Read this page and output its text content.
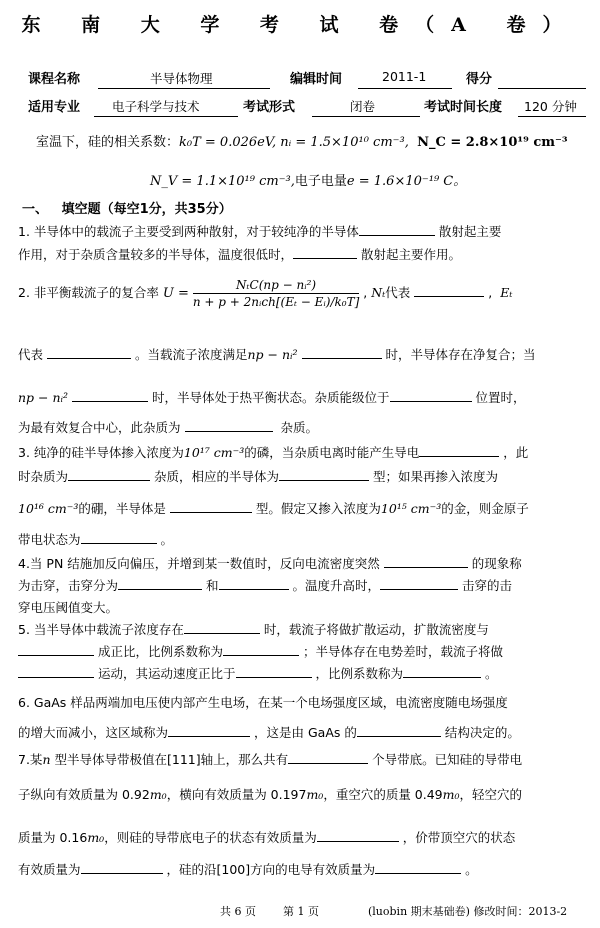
东 南 大 学 考 试 卷（A 卷）
课程名称	半导体物理	编辑时间	2011-1	得分
适用专业	电子科学与技术	考试形式	闭卷	考试时间长度 120 分钟
室温下，硅的相关系数：k₀T = 0.026eV, nᵢ = 1.5×10¹⁰ cm⁻³, N_C = 2.8×10¹⁹ cm⁻³
N_V = 1.1×10¹⁹ cm⁻³,电子电量e = 1.6×10⁻¹⁹ C。
一、   填空题（每空1分，共35分）
1. 半导体中的载流子主要受到两种散射，对于较纯净的半导体	散射起主要
作用，对于杂质含量较多的半导体，温度很低时，	散射起主要作用。
2. 非平衡载流子的复合率 $U = \frac{\text{NₜC(np − nᵢ²)}}{\text{n + p + 2nᵢch[(Eₜ − Eᵢ)/k₀T]}}$ , Nₜ代表	, Eₜ
代表	。当载流子浓度满足np − nᵢ²	时，半导体存在净复合；当
np − nᵢ²	时，半导体处于热平衡状态。杂质能级位于	位置时，
为最有效复合中心，此杂质为	杂质。
3. 纯净的硅半导体掺入浓度为10¹⁷ cm⁻³的磷，当杂质电离时能产生导电	，此
时杂质为	杂质，相应的半导体为	型；如果再掺入浓度为
10¹⁶ cm⁻³的硼，半导体是	型。假定又掺入浓度为10¹⁵ cm⁻³的金，则金原子
带电状态为	。
4.当 PN 结施加反向偏压，并增到某一数值时，反向电流密度突然	的现象称
为击穿，击穿分为	和	。温度升高时，	击穿的击
穿电压阈值变大。
5. 当半导体中载流子浓度存在	时，载流子将做扩散运动，扩散流密度与
成正比，比例系数称为	；半导体存在电势差时，载流子将做
运动，其运动速度正比于	，比例系数称为	。
6. GaAs 样品两端加电压使内部产生电场，在某一个电场强度区域，电流密度随电场强度
的增大而减小，这区域称为	，这是由 GaAs 的	结构决定的。
7.某n 型半导体导带极值在[111]轴上，那么共有	个导带底。已知硅的导带电
子纵向有效质量为 0.92m₀，横向有效质量为 0.197m₀，重空穴的质量 0.49m₀，轻空穴的
质量为 0.16m₀，则硅的导带底电子的状态有效质量为	，价带顶空穴的状态
有效质量为	，硅的沿[100]方向的电导有效质量为	。
共 6 页 第 1 页	(luobin 期末基础卷) 修改时间：2013-2
